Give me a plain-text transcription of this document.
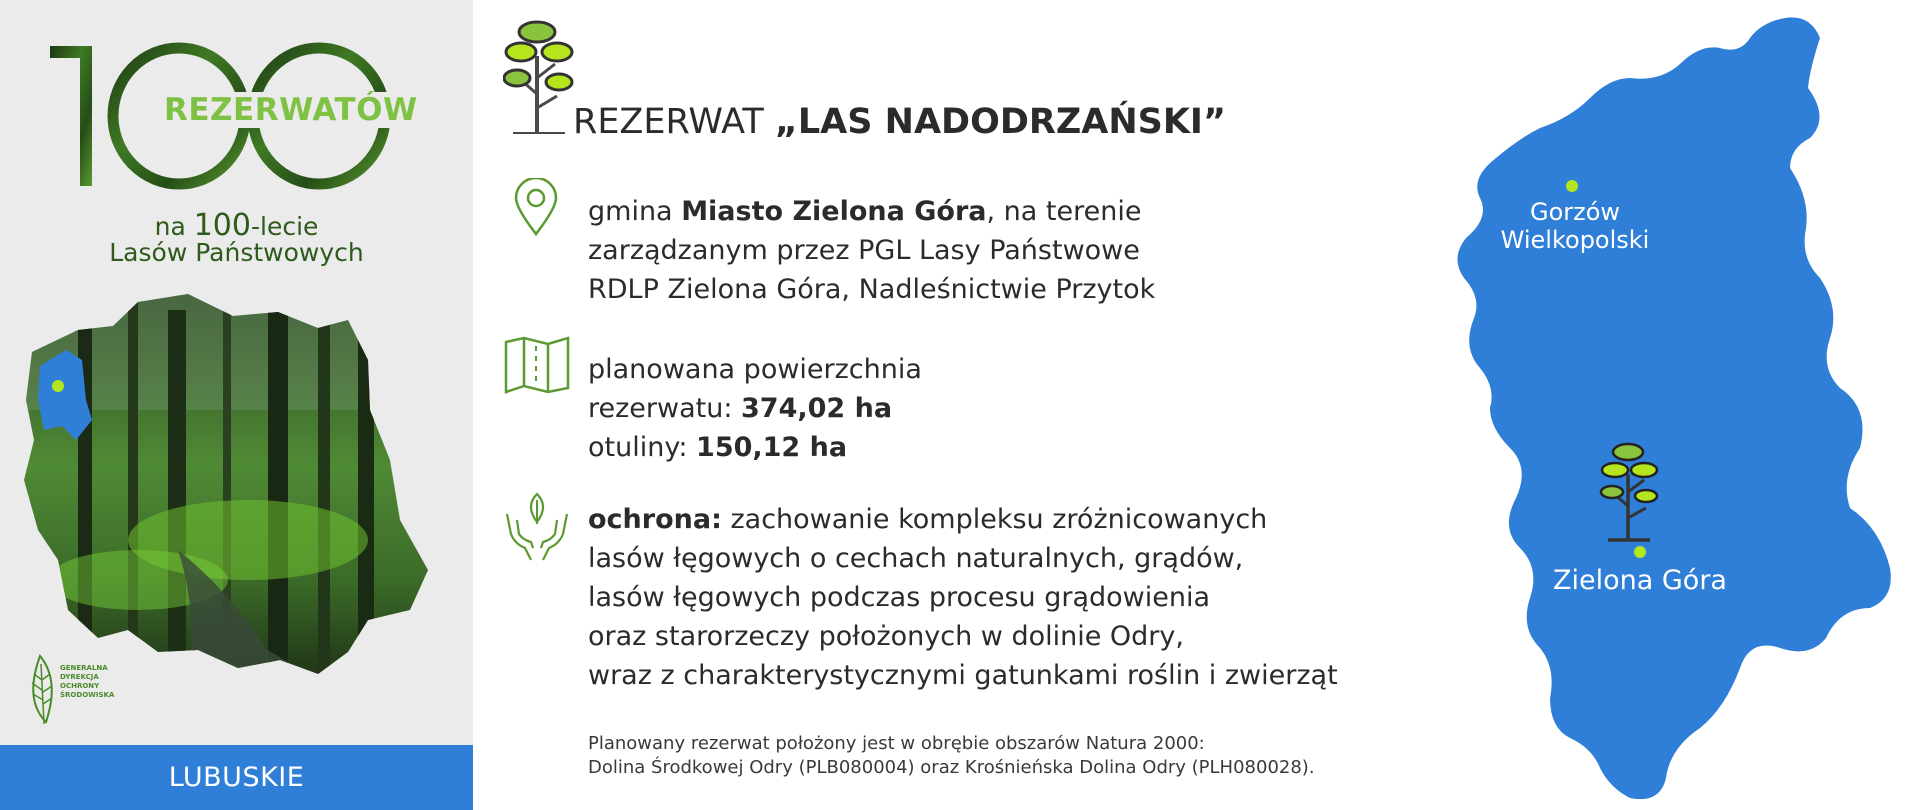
REZERWATÓW
na 100-lecie
Lasów Państwowych
GENERALNA
DYREKCJA
OCHRONY
ŚRODOWISKA
LUBUSKIE
REZERWAT „LAS NADODRZAŃSKI”
gmina Miasto Zielona Góra, na terenie
zarządzanym przez PGL Lasy Państwowe
RDLP Zielona Góra, Nadleśnictwie Przytok
planowana powierzchnia
rezerwatu: 374,02 ha
otuliny: 150,12 ha
ochrona: zachowanie kompleksu zróżnicowanych
lasów łęgowych o cechach naturalnych, grądów,
lasów łęgowych podczas procesu grądowienia
oraz starorzeczy położonych w dolinie Odry,
wraz z charakterystycznymi gatunkami roślin i zwierząt
Planowany rezerwat położony jest w obrębie obszarów Natura 2000:
Dolina Środkowej Odry (PLB080004) oraz Krośnieńska Dolina Odry (PLH080028).
Gorzów
Wielkopolski
Zielona Góra
